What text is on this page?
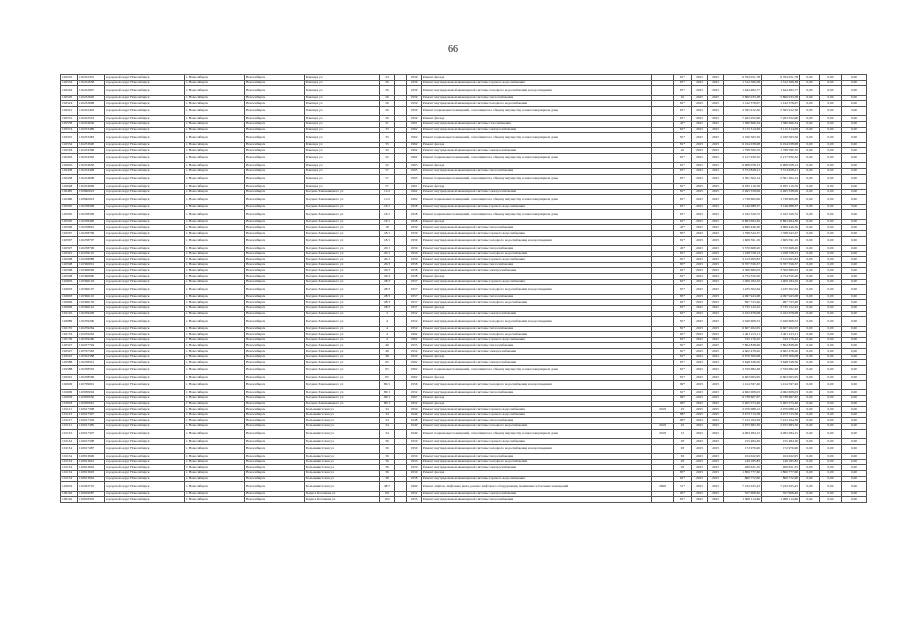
66
102525	110252301	городской округ Новосибирск	г. Новосибирск	Новосибирск	Блюхера ул	24		1959	Ремонт фасада		81*	2025	2025	6 764 051,78	6 764 051,78	0,00	0,00	0,00
102534	110252658	городской округ Новосибирск	г. Новосибирск	Новосибирск	Блюхера ул	26		1959	Ремонт внутридомовой инженерной системы горячего водоснабжения		81*	2025	2025	1 312 566,38	1 312 566,38	0,00	0,00	0,00
102524	110252607	городской округ Новосибирск	г. Новосибирск	Новосибирск	Блюхера ул	26		1959	Ремонт внутридомовой инженерной системы холодного водоснабжения и водоотведения		81*	2025	2025	1 644 482,77	1 644 482,77	0,00	0,00	0,00
102520	110252620	городской округ Новосибирск	г. Новосибирск	Новосибирск	Блюхера ул	26		1959	Ремонт внутридомовой инженерной системы теплоснабжения		45	2025	2025	5 860 033,38	5 860 033,38	0,00	0,00	0,00
102524	110252608	городской округ Новосибирск	г. Новосибирск	Новосибирск	Блюхера ул	26		1959	Ремонт внутридомовой инженерной системы холодного водоснабжения		81*	2025	2025	1 142 578,07	1 142 578,07	0,00	0,00	0,00
102521	110252403	городской округ Новосибирск	г. Новосибирск	Новосибирск	Блюхера ул	26		1959	Ремонт подвальных помещений, относящихся к общему имуществу в многоквартирном доме		81*	2025	2025	2 595 912,30	2 595 912,30	0,00	0,00	0,00
102531	110252501	городской округ Новосибирск	г. Новосибирск	Новосибирск	Блюхера ул	26		1959	Ремонт фасада		81*	2025	2025	7 262 052,96	7 262 052,96	0,00	0,00	0,00
102538	110254056	городской округ Новосибирск	г. Новосибирск	Новосибирск	Блюхера ул	31		1961	Ремонт внутридомовой инженерной системы газоснабжения		45*	2025	2025	1 580 666,34	1 580 666,34	0,00	0,00	0,00
102574	110253489	городской округ Новосибирск	г. Новосибирск	Новосибирск	Блюхера ул	33		1962	Ремонт внутридомовой инженерной системы электроснабжения		81*	2025	2025	3 115 314,09	3 115 314,09	0,00	0,00	0,00
102591	110253483	городской округ Новосибирск	г. Новосибирск	Новосибирск	Блюхера ул	35		1962	Ремонт подвальных помещений, относящихся к общему имуществу в многоквартирном доме		81*	2025	2025	2 160 563,56	2 160 563,56	0,00	0,00	0,00
102554	110253600	городской округ Новосибирск	г. Новосибирск	Новосибирск	Блюхера ул	35		1962	Ремонт фасада		81*	2025	2025	6 194 038,98	6 194 038,98	0,00	0,00	0,00
102518	110254368	городской округ Новосибирск	г. Новосибирск	Новосибирск	Блюхера ул	50		1962	Ремонт внутридомовой инженерной системы электроснабжения		45	2025	2025	1 798 390,70	1 798 390,70	0,00	0,00	0,00
102403	110254362	городской округ Новосибирск	г. Новосибирск	Новосибирск	Блюхера ул	52		1962	Ремонт подвальных помещений, относящихся к общему имуществу в многоквартирном доме		81*	2025	2025	2 217 930,32	2 217 930,32	0,00	0,00	0,00
102645	110254656	городской округ Новосибирск	г. Новосибирск	Новосибирск	Блюхера ул	52		1963	Ремонт фасада		81*	2025	2025	6 908 058,13	6 908 058,13	0,00	0,00	0,00
102438	110254408	городской округ Новосибирск	г. Новосибирск	Новосибирск	Блюхера ул	57		1965	Ремонт внутридомовой инженерной системы теплоснабжения		81*	2025	2025	3 574 828,21	3 574 828,21	0,00	0,00	0,00
102458	110254608	городской округ Новосибирск	г. Новосибирск	Новосибирск	Блюхера ул	57		1965	Ремонт подвальных помещений, относящихся к общему имуществу в многоквартирном доме		81*	2025	2025	2 501 302,14	2 501 302,14	0,00	0,00	0,00
102648	110254606	городской округ Новосибирск	г. Новосибирск	Новосибирск	Блюхера ул	57		1961	Ремонт фасада		81*	2025	2025	6 035 110,59	6 035 110,59	0,00	0,00	0,00
102485	110840923	городской округ Новосибирск	г. Новосибирск	Новосибирск	Богдана Хмельницкого ул	11/2		1962	Ремонт внутридомовой инженерной системы электроснабжения		81*	2025	2025	2 495 558,09	2 495 558,09	0,00	0,00	0,00
102486	110840923	городской округ Новосибирск	г. Новосибирск	Новосибирск	Богдана Хмельницкого ул	11/2		1962	Ремонт подвальных помещений, относящихся к общему имуществу в многоквартирном доме		81*	2025	2025	1 738 600,00	1 738 600,00	0,00	0,00	0,00
102595	110258308	городской округ Новосибирск	г. Новосибирск	Новосибирск	Богдана Хмельницкого ул	16/1		1958	Ремонт внутридомовой инженерной системы горячего водоснабжения		81*	2025	2025	3 146 088,37	3 146 088,37	0,00	0,00	0,00
102595	110258309	городской округ Новосибирск	г. Новосибирск	Новосибирск	Богдана Хмельницкого ул	16/1		1958	Ремонт подвальных помещений, относящихся к общему имуществу в многоквартирном доме		81*	2025	2025	2 162 529,72	2 162 529,72	0,00	0,00	0,00
102595	110258400	городской округ Новосибирск	г. Новосибирск	Новосибирск	Богдана Хмельницкого ул	16/1		1958	Ремонт фасада		81*	2025	2025	6 863 694,30	6 863 694,30	0,00	0,00	0,00
102596	110258601	городской округ Новосибирск	г. Новосибирск	Новосибирск	Богдана Хмельницкого ул	18		1959	Ремонт внутридомовой инженерной системы теплоснабжения		45*	2025	2025	4 689 446,30	4 689 446,30	0,00	0,00	0,00
102597	110258706	городской округ Новосибирск	г. Новосибирск	Новосибирск	Богдана Хмельницкого ул	18/1		1959	Ремонт внутридомовой инженерной системы горячего водоснабжения		85*	2025	2025	1 768 543,37	1 768 543,37	0,00	0,00	0,00
102597	110258707	городской округ Новосибирск	г. Новосибирск	Новосибирск	Богдана Хмельницкого ул	18/1		1959	Ремонт внутридомовой инженерной системы холодного водоснабжения и водоотведения		81*	2025	2025	1 609 591,19	1 609 591,19	0,00	0,00	0,00
102597	110258706	городской округ Новосибирск	г. Новосибирск	Новосибирск	Богдана Хмельницкого ул	20/1		1959	Ремонт внутридомовой инженерной системы теплоснабжения		45*	2025	2025	5 570 668,20	5 570 668,20	0,00	0,00	0,00
102591	110259110	городской округ Новосибирск	г. Новосибирск	Новосибирск	Богдана Хмельницкого ул	20/1		1959	Ремонт внутридомовой инженерной системы холодного водоснабжения		81*	2025	2025	1 168 728,13	1 168 728,13	0,00	0,00	0,00
102598	110258088	городской округ Новосибирск	г. Новосибирск	Новосибирск	Богдана Хмельницкого ул	20/1		1959	Ремонт внутридомовой инженерной системы горячего водоснабжения		81*	2025	2025	3 123 093,83	3 123 093,83	0,00	0,00	0,00
102598	110366001	городской округ Новосибирск	г. Новосибирск	Новосибирск	Богдана Хмельницкого ул	26/3		1958	Ремонт внутридомовой инженерной системы теплоснабжения		85*	2025	2025	9 707 556,57	9 707 556,57	0,00	0,00	0,00
102598	110366006	городской округ Новосибирск	г. Новосибирск	Новосибирск	Богдана Хмельницкого ул	26/3		1958	Ремонт внутридомовой инженерной системы электроснабжения		81*	2025	2025	3 306 680,03	3 306 680,03	0,00	0,00	0,00
102598	110366090	городской округ Новосибирск	г. Новосибирск	Новосибирск	Богдана Хмельницкого ул	26/3		1958	Ремонт фасада		81*	2025	2025	4 754 550,20	4 754 550,20	0,00	0,00	0,00
102603	110366104	городской округ Новосибирск	г. Новосибирск	Новосибирск	Богдана Хмельницкого ул	28/3		1957	Ремонт внутридомовой инженерной системы горячего водоснабжения		81*	2025	2025	1 409 184,32	1 409 184,32	0,00	0,00	0,00
102603	110366107	городской округ Новосибирск	г. Новосибирск	Новосибирск	Богдана Хмельницкого ул	28/3		1957	Ремонт внутридомовой инженерной системы холодного водоснабжения и водоотведения		81*	2025	2025	1 435 502,64	1 435 502,64	0,00	0,00	0,00
102603	110366110	городской округ Новосибирск	г. Новосибирск	Новосибирск	Богдана Хмельницкого ул	28/3		1957	Ремонт внутридомовой инженерной системы теплоснабжения		85*	2025	2025	4 097 943,08	4 097 943,08	0,00	0,00	0,00
102606	110366139	городской округ Новосибирск	г. Новосибирск	Новосибирск	Богдана Хмельницкого ул	28/3		1957	Ремонт внутридомовой инженерной системы холодного водоснабжения		81*	2025	2025	997 723,40	997 723,40	0,00	0,00	0,00
102609	110366142	городской округ Новосибирск	г. Новосибирск	Новосибирск	Богдана Хмельницкого ул	28/3		1957	Ремонт фасада		81*	2025	2025	3 735 122,22	3 735 122,22	0,00	0,00	0,00
102145	110259206	городской округ Новосибирск	г. Новосибирск	Новосибирск	Богдана Хмельницкого ул	4		1952	Ремонт внутридомовой инженерной системы электроснабжения		81*	2025	2025	2 102 678,08	2 102 678,08	0,00	0,00	0,00
102689	110259200	городской округ Новосибирск	г. Новосибирск	Новосибирск	Богдана Хмельницкого ул	4		1952	Ремонт внутридомовой инженерной системы холодного водоснабжения и водоотведения		81*	2025	2025	2 049 608,53	2 049 608,53	0,00	0,00	0,00
102155	110259264	городской округ Новосибирск	г. Новосибирск	Новосибирск	Богдана Хмельницкого ул	4		1952	Ремонт внутридомовой инженерной системы теплоснабжения		81*	2025	2025	6 607 262,05	6 607 262,05	0,00	0,00	0,00
102153	110259263	городской округ Новосибирск	г. Новосибирск	Новосибирск	Богдана Хмельницкого ул	4		1962	Ремонт внутридомовой инженерной системы холодного водоснабжения		81*	2025	2025	1 401 213,11	1 401 213,11	0,00	0,00	0,00
102159	110259260	городской округ Новосибирск	г. Новосибирск	Новосибирск	Богдана Хмельницкого ул	4		1962	Ремонт внутридомовой инженерной системы горячего водоснабжения		81*	2025	2025	743 176,22	743 176,22	0,00	0,00	0,00
102527	110257794	городской округ Новосибирск	г. Новосибирск	Новосибирск	Богдана Хмельницкого ул	46		1955	Ремонт внутридомовой инженерной системы теплоснабжения		81*	2025	2025	7 864 838,06	7 864 838,06	0,00	0,00	0,00
102547	110767362	городской округ Новосибирск	г. Новосибирск	Новосибирск	Богдана Хмельницкого ул	48		1952	Ремонт внутридомовой инженерной системы электроснабжения		81*	2025	2025	4 602 478,20	4 602 478,20	0,00	0,00	0,00
102525	110502388	городской округ Новосибирск	г. Новосибирск	Новосибирск	Богдана Хмельницкого ул	48		1952	Ремонт фасада		81*	2025	2025	6 970 309,08	6 970 309,08	0,00	0,00	0,00
102588	110258341	городской округ Новосибирск	г. Новосибирск	Новосибирск	Богдана Хмельницкого ул	65		1962	Ремонт внутридомовой инженерной системы электроснабжения		81*	2025	2025	3 648 328,50	3 648 328,50	0,00	0,00	0,00
102588	110258503	городской округ Новосибирск	г. Новосибирск	Новосибирск	Богдана Хмельницкого ул	65		1962	Ремонт подвальных помещений, относящихся к общему имуществу в многоквартирном доме		81*	2025	2025	2 559 682,48	2 559 682,48	0,00	0,00	0,00
102591	110258506	городской округ Новосибирск	г. Новосибирск	Новосибирск	Богдана Хмельницкого ул	65		1962	Ремонт фасада		81*	2025	2025	6 603 063,95	6 603 063,95	0,00	0,00	0,00
102629	110709901	городской округ Новосибирск	г. Новосибирск	Новосибирск	Богдана Хмельницкого ул	80/1		1956	Ремонт внутридомовой инженерной системы холодного водоснабжения и водоотведения		99*	2025	2025	1 414 597,46	1 414 597,46	0,00	0,00	0,00
101609	110930004	городской округ Новосибирск	г. Новосибирск	Новосибирск	Богдана Хмельницкого ул	80/1		1952	Ремонт внутридомовой инженерной системы теплоснабжения		91*	2025	2025	4 062 008,03	4 062 008,03	0,00	0,00	0,00
102039	110930050	городской округ Новосибирск	г. Новосибирск	Новосибирск	Богдана Хмельницкого ул	96/1		1967	Ремонт фасада		99*	2025	2025	6 738 667,67	6 738 667,67	0,00	0,00	0,00
101618	110930061	городской округ Новосибирск	г. Новосибирск	Новосибирск	Богдана Хмельницкого ул	80/1		1952	Ремонт фасада		99*	2025	2025	5 405 573,46	5 405 573,46	0,00	0,00	0,00
101121	110617308	городской округ Новосибирск	г. Новосибирск	Новосибирск	Большевистская ул	34		1950	Ремонт внутридомовой инженерной системы горячего водоснабжения	2018	25	2025	2025	2 070 088,12	2 070 088,12	0,00	0,00	0,00
101123	110617307	городской округ Новосибирск	г. Новосибирск	Новосибирск	Большевистская ул	34		1949	Ремонт внутридомовой инженерной системы горячего водоснабжения		88*	2025	2025	3 473 713,58	3 473 713,58	0,00	0,00	0,00
101127	110617329	городской округ Новосибирск	г. Новосибирск	Новосибирск	Большевистская ул	34		1948	Ремонт внутридомовой инженерной системы теплоснабжения		99*	2025	2025	7 413 164,39	7 413 164,39	0,00	0,00	0,00
101131	110617485	городской округ Новосибирск	г. Новосибирск	Новосибирск	Большевистская ул	34		1949	Ремонт внутридомовой инженерной системы холодного водоснабжения	2018	25	2025	2025	2 675 683,30	2 675 683,30	0,00	0,00	0,00
101135	110617307	городской округ Новосибирск	г. Новосибирск	Новосибирск	Большевистская ул	34		1949	Ремонт подвальных помещений, относящихся к общему имуществу в многоквартирном доме	2018	31	2025	2025	4 093 284,15	4 093 284,15	0,00	0,00	0,00
101134	110617308	городской округ Новосибирск	г. Новосибирск	Новосибирск	Большевистская ул	36		1950	Ремонт внутридомовой инженерной системы горячего водоснабжения		93	2025	2025	155 484,30	155 484,30	0,00	0,00	0,00
101134	110617487	городской округ Новосибирск	г. Новосибирск	Новосибирск	Большевистская ул	36		1950	Ремонт внутридомовой инженерной системы холодного водоснабжения и водоотведения		93	2025	2025	172 976,90	172 976,90	0,00	0,00	0,00
101134	110813600	городской округ Новосибирск	г. Новосибирск	Новосибирск	Большевистская ул	36		1950	Ремонт внутридомовой инженерной системы теплоснабжения		93	2025	2025	104 022,95	104 022,95	0,00	0,00	0,00
101134	110813601	городской округ Новосибирск	г. Новосибирск	Новосибирск	Большевистская ул	36		1950	Ремонт внутридомовой инженерной системы холодного водоснабжения		93	2025	2025	149 185,83	149 185,83	0,00	0,00	0,00
101134	110813602	городской округ Новосибирск	г. Новосибирск	Новосибирск	Большевистская ул	36		1950	Ремонт внутридомовой инженерной системы электроснабжения		93	2025	2025	269 621,35	269 621,35	0,00	0,00	0,00
101134	110813603	городской округ Новосибирск	г. Новосибирск	Новосибирск	Большевистская ул	36		1950	Ремонт фасада		85*	2025	2025	1 806 777,60	1 806 777,60	0,00	0,00	0,00
101134	110813604	городской округ Новосибирск	г. Новосибирск	Новосибирск	Большевистская ул	38		1958	Ремонт внутридомовой инженерной системы горячего водоснабжения		81*	2025	2025	860 772,60	860 772,60	0,00	0,00	0,00
102619	110263710	городской округ Новосибирск	г. Новосибирск	Новосибирск	Большевистская ул	48/7		1990	Ремонт лифтов, лифтовых шахт, ремонт лифтового оборудования, машинных и блочных помещений	2008	51*	2025	2025	7 232 025,43	7 232 025,43	0,00	0,00	0,00
109162	110818287	городской округ Новосибирск	г. Новосибирск	Новосибирск	Бориса Богаткова ул	161		1952	Ремонт внутридомовой инженерной системы электроснабжения		95*	2025	2025	357 908,40	357 908,40	0,00	0,00	0,00
109162	110818303	городской округ Новосибирск	г. Новосибирск	Новосибирск	Бориса Богаткова ул	163		1955	Ремонт внутридомовой инженерной системы теплоснабжения		81*	2025	2025	1 008 114,66	1 008 114,66	0,00	0,00	0,00
